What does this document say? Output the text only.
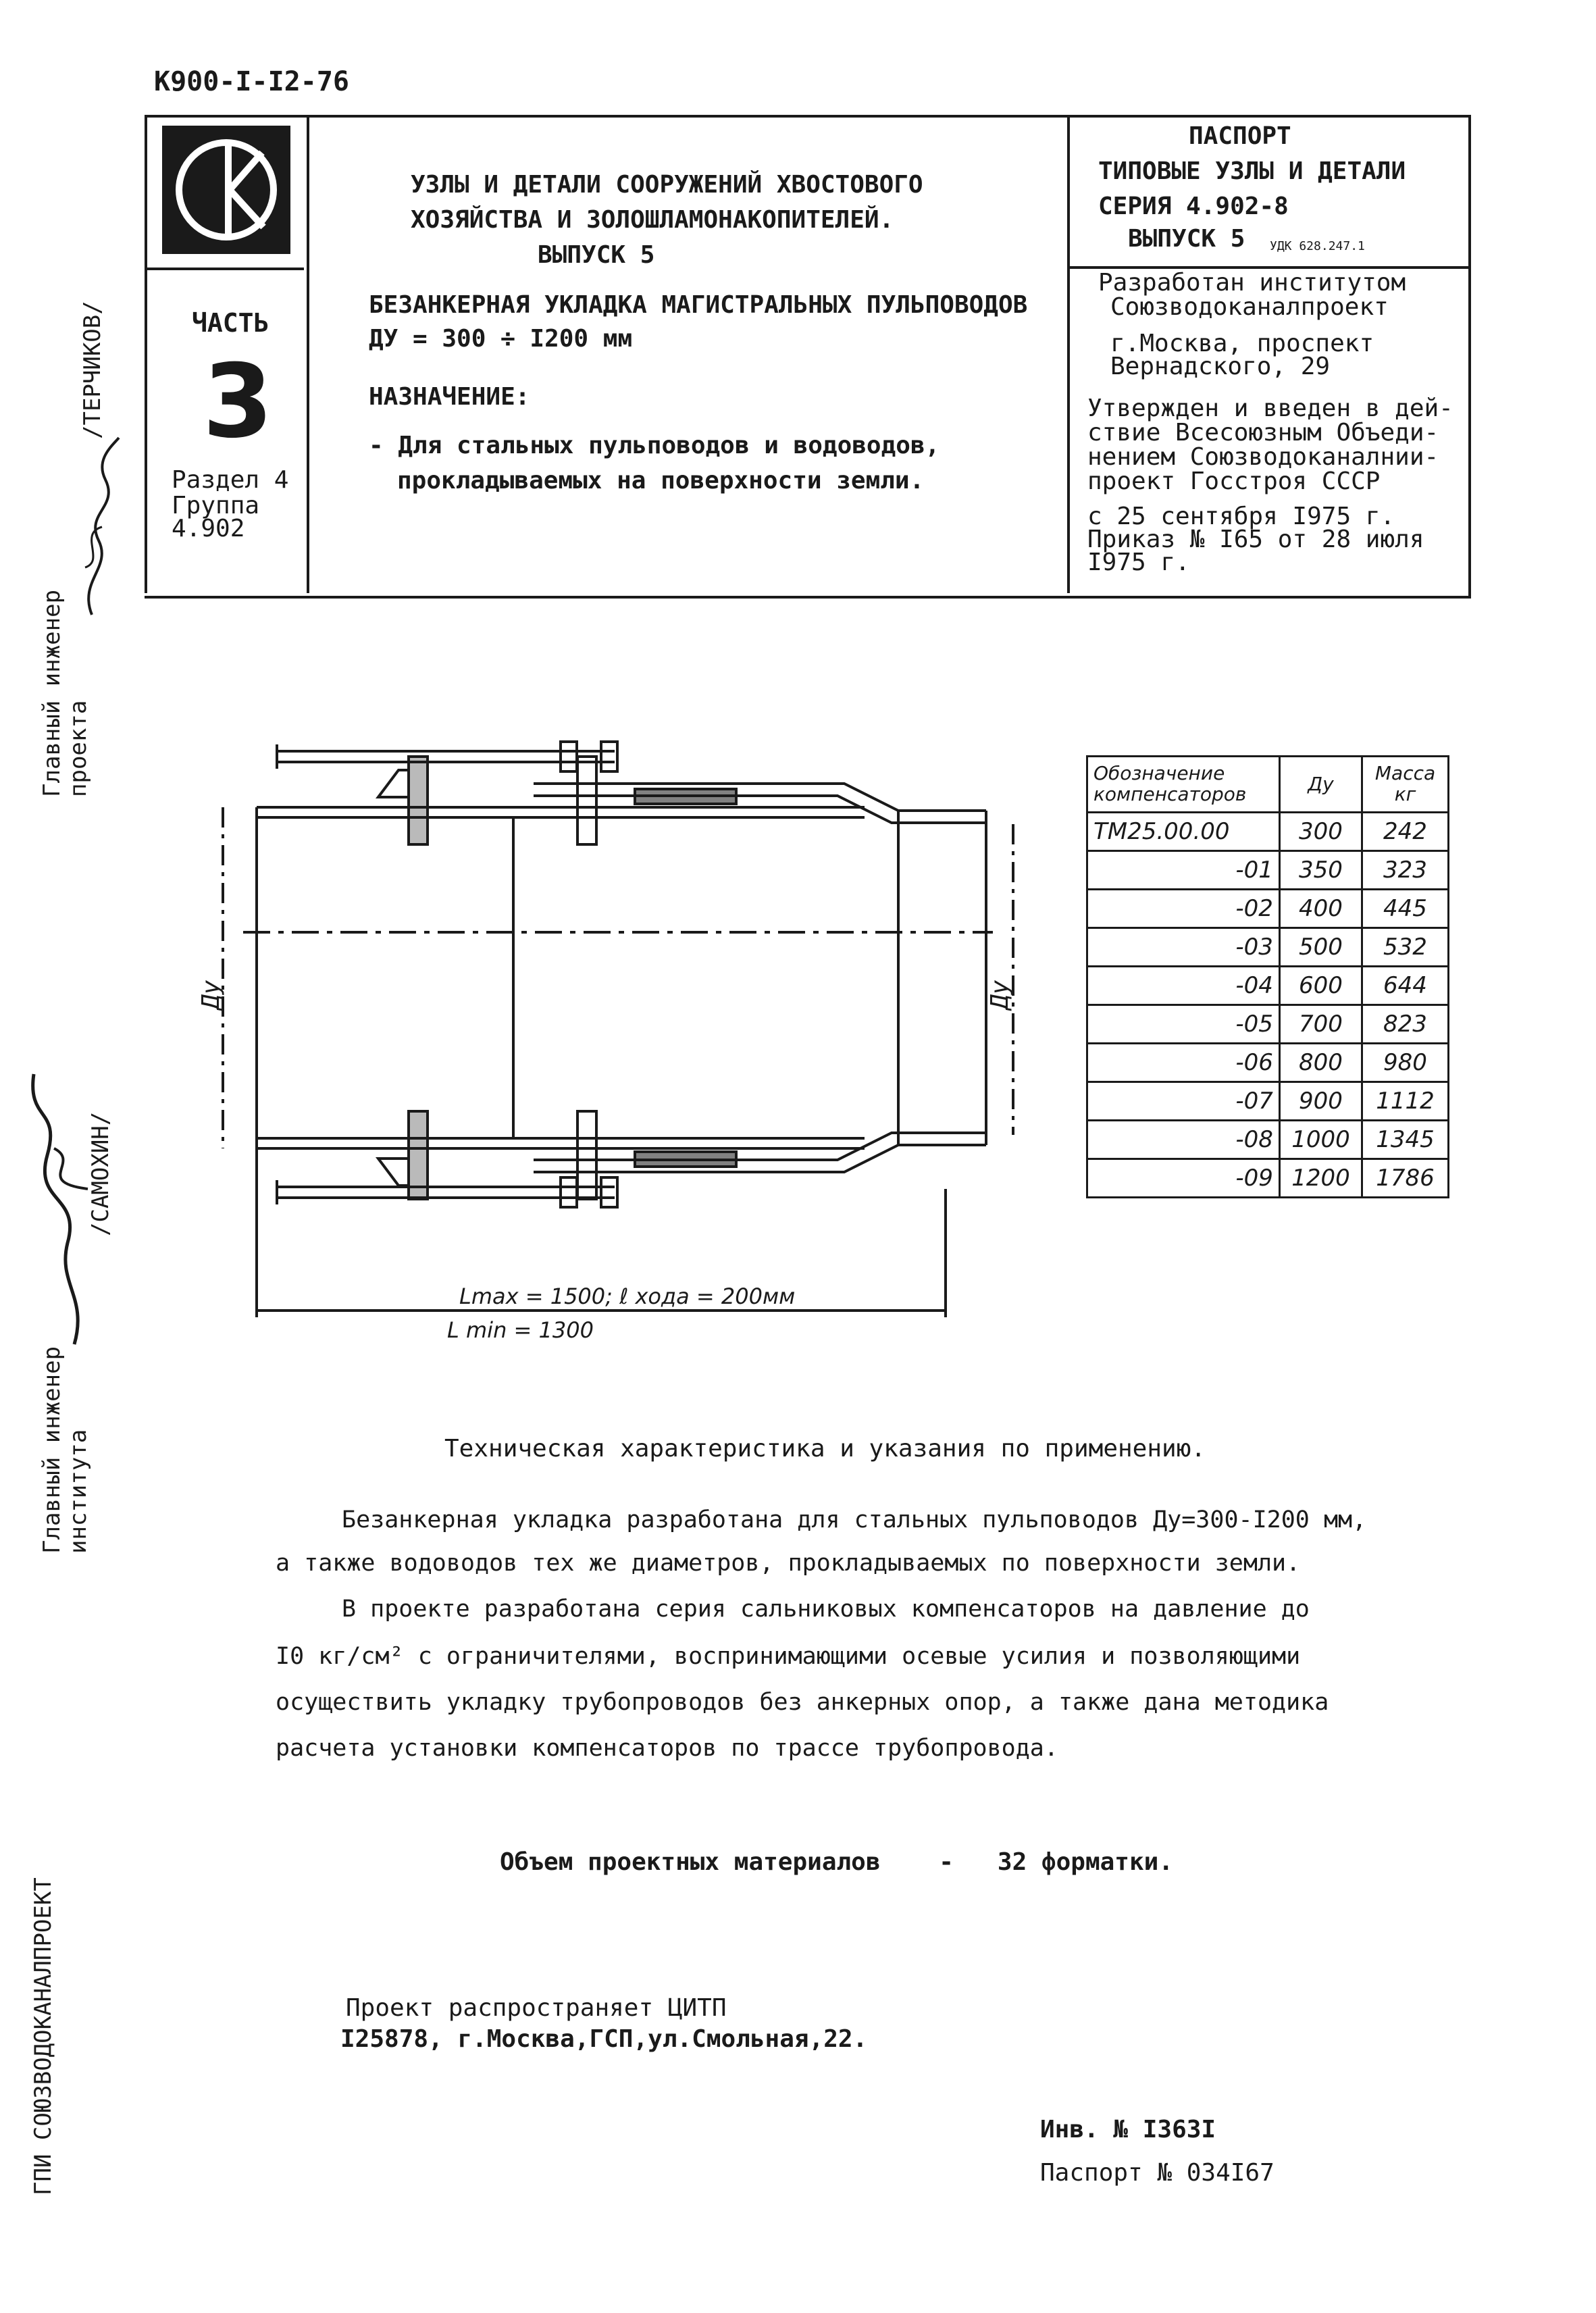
К900-I-I2-76
ЧАСТЬ
3
Раздел 4
Группа
4.902
УЗЛЫ И ДЕТАЛИ СООРУЖЕНИЙ ХВОСТОВОГО
ХОЗЯЙСТВА И ЗОЛОШЛАМОНАКОПИТЕЛЕЙ.
ВЫПУСК 5
БЕЗАНКЕРНАЯ УКЛАДКА МАГИСТРАЛЬНЫХ ПУЛЬПОВОДОВ
ДУ = 300 ÷ I200 мм
НАЗНАЧЕНИЕ:
- Для стальных пульповодов и водоводов,
прокладываемых на поверхности земли.
ПАСПОРТ
ТИПОВЫЕ УЗЛЫ И ДЕТАЛИ
СЕРИЯ 4.902-8
ВЫПУСК 5 УДК 628.247.1
Разработан институтом
Союзводоканалпроект
г.Москва, проспект
Вернадского, 29
Утвержден и введен в дей-
ствие Всесоюзным Объеди-
нением Союзводоканалнии-
проект Госстроя СССР
с 25 сентября I975 г.
Приказ № I65 от 28 июля
I975 г.
Главный инженер проекта
/ТЕРЧИКОВ/
Главный инженер института
/САМОХИН/
ГПИ СОЮЗВОДОКАНАЛПРОЕКТ
Ду	Ду
Lmax = 1500; ℓ хода = 200мм
L min = 1300
Обозначение компенсаторов	Ду	Масса кг
ТМ25.00.00	300	242
-01	350	323
-02	400	445
-03	500	532
-04	600	644
-05	700	823
-06	800	980
-07	900	1112
-08	1000	1345
-09	1200	1786
Техническая характеристика и указания по применению.
Безанкерная укладка разработана для стальных пульповодов Ду=300-I200 мм,
а также водоводов тех же диаметров, прокладываемых по поверхности земли.
В проекте разработана серия сальниковых компенсаторов на давление до
I0 кг/см² с ограничителями, воспринимающими осевые усилия и позволяющими
осуществить укладку трубопроводов без анкерных опор, а также дана методика
расчета установки компенсаторов по трассе трубопровода.
Объем проектных материалов    -   32 форматки.
Проект распространяет ЦИТП
I25878, г.Москва,ГСП,ул.Смольная,22.
Инв. № I363I
Паспорт № 034I67
